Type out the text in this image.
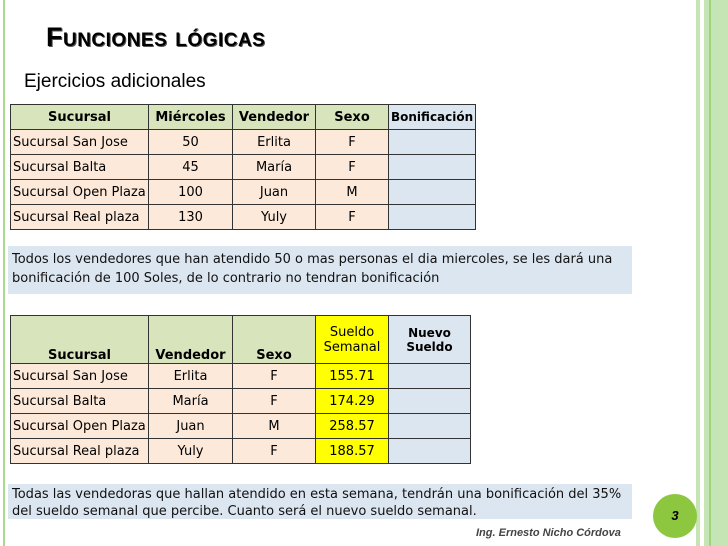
Funciones lógicas
Ejercicios adicionales
Sucursal	Miércoles	Vendedor	Sexo	Bonificación
Sucursal San Jose	50	Erlita	F	
Sucursal Balta	45	María	F	
Sucursal Open Plaza	100	Juan	M	
Sucursal Real plaza	130	Yuly	F	
Todos los vendedores que han atendido 50 o mas personas el dia miercoles, se les dará una bonificación de 100 Soles, de lo contrario no tendran bonificación
Sucursal	Vendedor	Sexo	Sueldo Semanal	Nuevo Sueldo
Sucursal San Jose	Erlita	F	155.71	
Sucursal Balta	María	F	174.29	
Sucursal Open Plaza	Juan	M	258.57	
Sucursal Real plaza	Yuly	F	188.57	
Todas las vendedoras que hallan atendido en esta semana, tendrán una bonificación del 35% del sueldo semanal que percibe. Cuanto será el nuevo sueldo semanal.	3
Ing. Ernesto Nicho Córdova
